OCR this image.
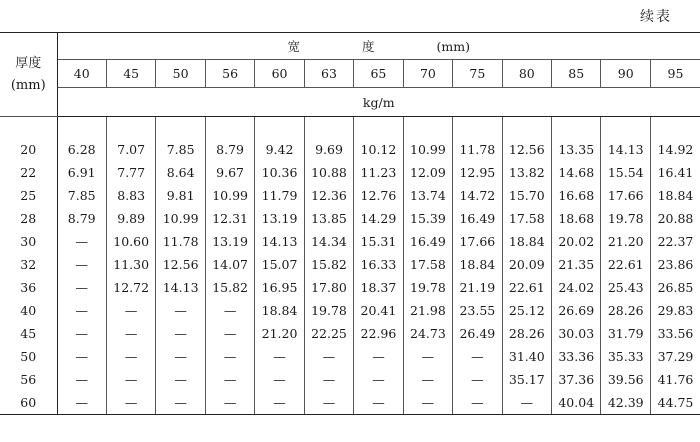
续表
厚度
(mm)	宽 度 (mm)												
	40	45	50	56	60	63	65	70	75	80	85	90	95
	kg/m												

20	6.28	7.07	7.85	8.79	9.42	9.69	10.12	10.99	11.78	12.56	13.35	14.13	14.92
22	6.91	7.77	8.64	9.67	10.36	10.88	11.23	12.09	12.95	13.82	14.68	15.54	16.41
25	7.85	8.83	9.81	10.99	11.79	12.36	12.76	13.74	14.72	15.70	16.68	17.66	18.84
28	8.79	9.89	10.99	12.31	13.19	13.85	14.29	15.39	16.49	17.58	18.68	19.78	20.88
30	—	10.60	11.78	13.19	14.13	14.34	15.31	16.49	17.66	18.84	20.02	21.20	22.37
32	—	11.30	12.56	14.07	15.07	15.82	16.33	17.58	18.84	20.09	21.35	22.61	23.86
36	—	12.72	14.13	15.82	16.95	17.80	18.37	19.78	21.19	22.61	24.02	25.43	26.85
40	—	—	—	—	18.84	19.78	20.41	21.98	23.55	25.12	26.69	28.26	29.83
45	—	—	—	—	21.20	22.25	22.96	24.73	26.49	28.26	30.03	31.79	33.56
50	—	—	—	—	—	—	—	—	—	31.40	33.36	35.33	37.29
56	—	—	—	—	—	—	—	—	—	35.17	37.36	39.56	41.76
60	—	—	—	—	—	—	—	—	—	—	40.04	42.39	44.75
